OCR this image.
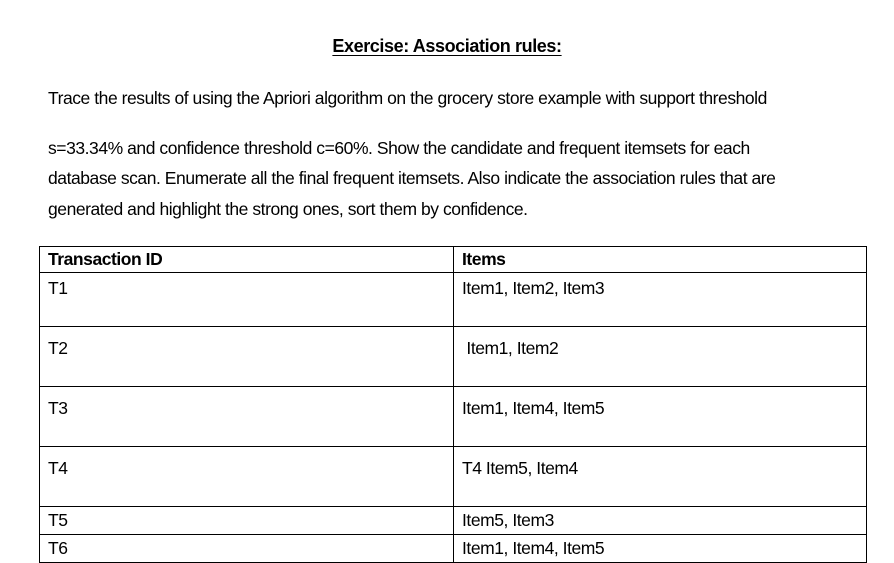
Exercise: Association rules:
Trace the results of using the Apriori algorithm on the grocery store example with support threshold
s=33.34% and confidence threshold c=60%. Show the candidate and frequent itemsets for each
database scan. Enumerate all the final frequent itemsets. Also indicate the association rules that are
generated and highlight the strong ones, sort them by confidence.
Transaction ID	Items
T1	Item1, Item2, Item3
T2	Item1, Item2
T3	Item1, Item4, Item5
T4	T4 Item5, Item4
T5	Item5, Item3
T6	Item1, Item4, Item5
